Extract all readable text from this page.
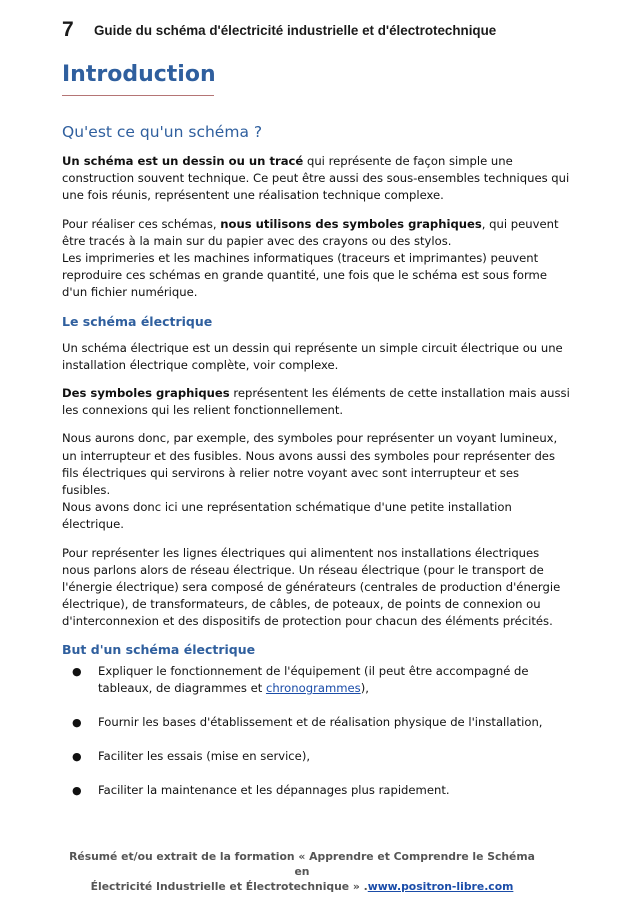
7 Guide du schéma d'électricité industrielle et d'électrotechnique
Introduction
Qu'est ce qu'un schéma ?

Un schéma est un dessin ou un tracé qui représente de façon simple une construction souvent technique. Ce peut être aussi des sous-ensembles techniques qui une fois réunis, représentent une réalisation technique complexe.

Pour réaliser ces schémas, nous utilisons des symboles graphiques, qui peuvent être tracés à la main sur du papier avec des crayons ou des stylos.
Les imprimeries et les machines informatiques (traceurs et imprimantes) peuvent reproduire ces schémas en grande quantité, une fois que le schéma est sous forme d'un fichier numérique.

Le schéma électrique

Un schéma électrique est un dessin qui représente un simple circuit électrique ou une installation électrique complète, voir complexe.

Des symboles graphiques représentent les éléments de cette installation mais aussi les connexions qui les relient fonctionnellement.

Nous aurons donc, par exemple, des symboles pour représenter un voyant lumineux, un interrupteur et des fusibles. Nous avons aussi des symboles pour représenter des fils électriques qui servirons à relier notre voyant avec sont interrupteur et ses fusibles.
Nous avons donc ici une représentation schématique d'une petite installation électrique.

Pour représenter les lignes électriques qui alimentent nos installations électriques nous parlons alors de réseau électrique. Un réseau électrique (pour le transport de l'énergie électrique) sera composé de générateurs (centrales de production d'énergie électrique), de transformateurs, de câbles, de poteaux, de points de connexion ou d'interconnexion et des dispositifs de protection pour chacun des éléments précités.

But d'un schéma électrique
● Expliquer le fonctionnement de l'équipement (il peut être accompagné de tableaux, de diagrammes et chronogrammes),
● Fournir les bases d'établissement et de réalisation physique de l'installation,
● Faciliter les essais (mise en service),
● Faciliter la maintenance et les dépannages plus rapidement.
Résumé et/ou extrait de la formation « Apprendre et Comprendre le Schéma en
Électricité Industrielle et Électrotechnique » .www.positron-libre.com
